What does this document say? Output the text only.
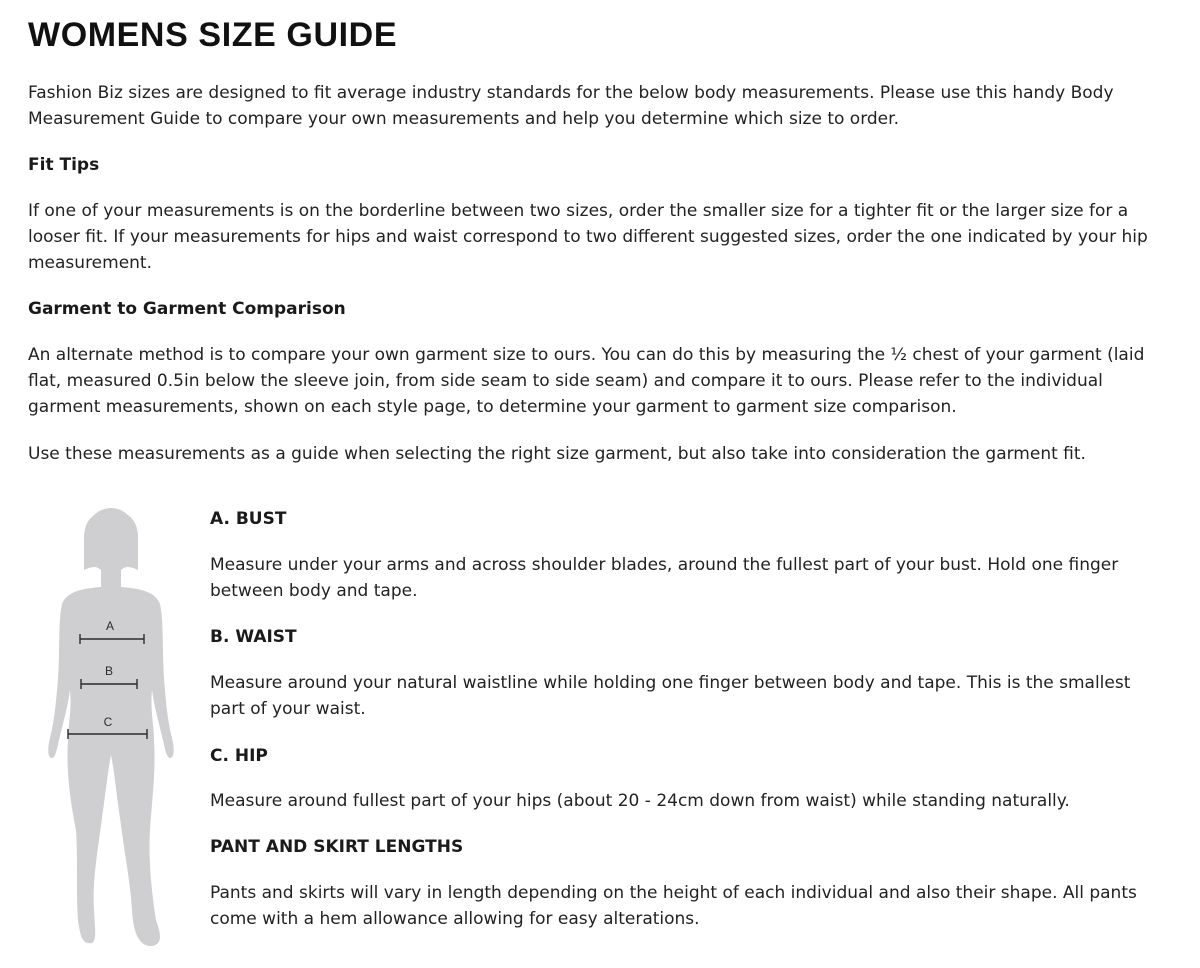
WOMENS SIZE GUIDE

Fashion Biz sizes are designed to fit average industry standards for the below body measurements. Please use this handy Body Measurement Guide to compare your own measurements and help you determine which size to order.

Fit Tips

If one of your measurements is on the borderline between two sizes, order the smaller size for a tighter fit or the larger size for a looser fit. If your measurements for hips and waist correspond to two different suggested sizes, order the one indicated by your hip measurement.

Garment to Garment Comparison

An alternate method is to compare your own garment size to ours. You can do this by measuring the ½ chest of your garment (laid flat, measured 0.5in below the sleeve join, from side seam to side seam) and compare it to ours. Please refer to the individual garment measurements, shown on each style page, to determine your garment to garment size comparison.

Use these measurements as a guide when selecting the right size garment, but also take into consideration the garment fit.

A
B
C
A. BUST

Measure under your arms and across shoulder blades, around the fullest part of your bust. Hold one finger between body and tape.

B. WAIST

Measure around your natural waistline while holding one finger between body and tape. This is the smallest part of your waist.

C. HIP

Measure around fullest part of your hips (about 20 - 24cm down from waist) while standing naturally.

PANT AND SKIRT LENGTHS

Pants and skirts will vary in length depending on the height of each individual and also their shape. All pants come with a hem allowance allowing for easy alterations.
